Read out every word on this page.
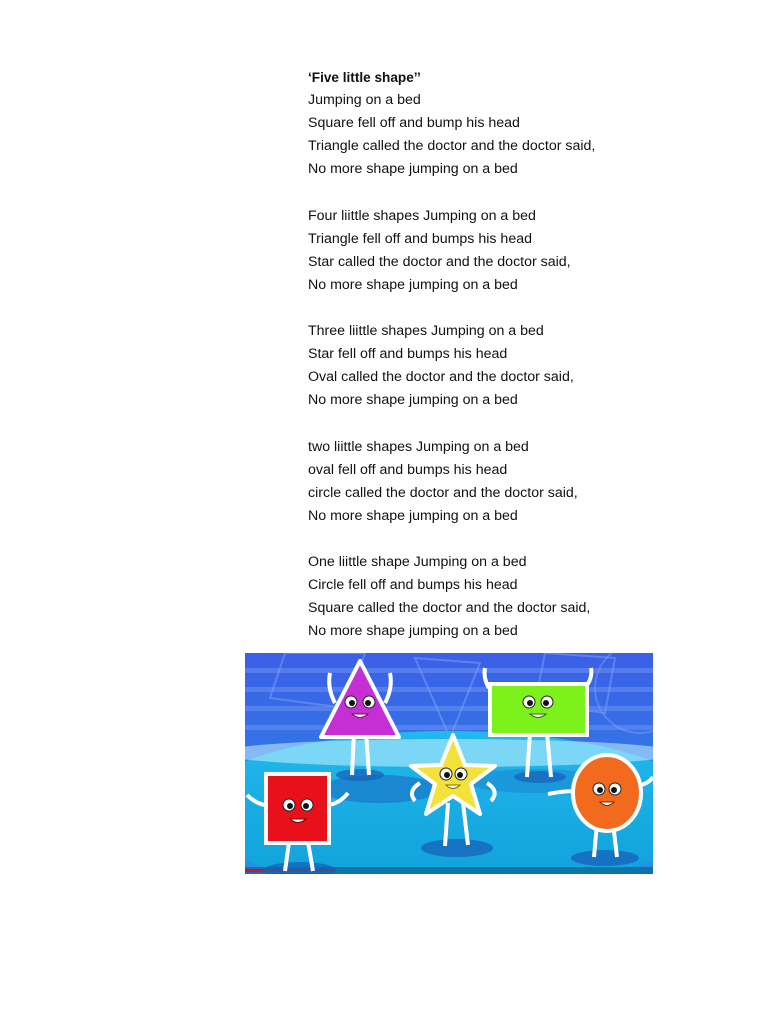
‘Five little shape’’
Jumping on a bed
Square fell off and bump his head
Triangle called the doctor and the doctor said,
No more shape jumping on a bed
Four liittle shapes Jumping on a bed
Triangle fell off and bumps his head
Star called the doctor and the doctor said,
No more shape jumping on a bed
Three liittle shapes Jumping on a bed
Star fell off and bumps his head
Oval called the doctor and the doctor said,
No more shape jumping on a bed
two liittle shapes Jumping on a bed
oval fell off and bumps his head
circle called the doctor and the doctor said,
No more shape jumping on a bed
One liittle shape Jumping on a bed
Circle fell off and bumps his head
Square called the doctor and the doctor said,
No more shape jumping on a bed
